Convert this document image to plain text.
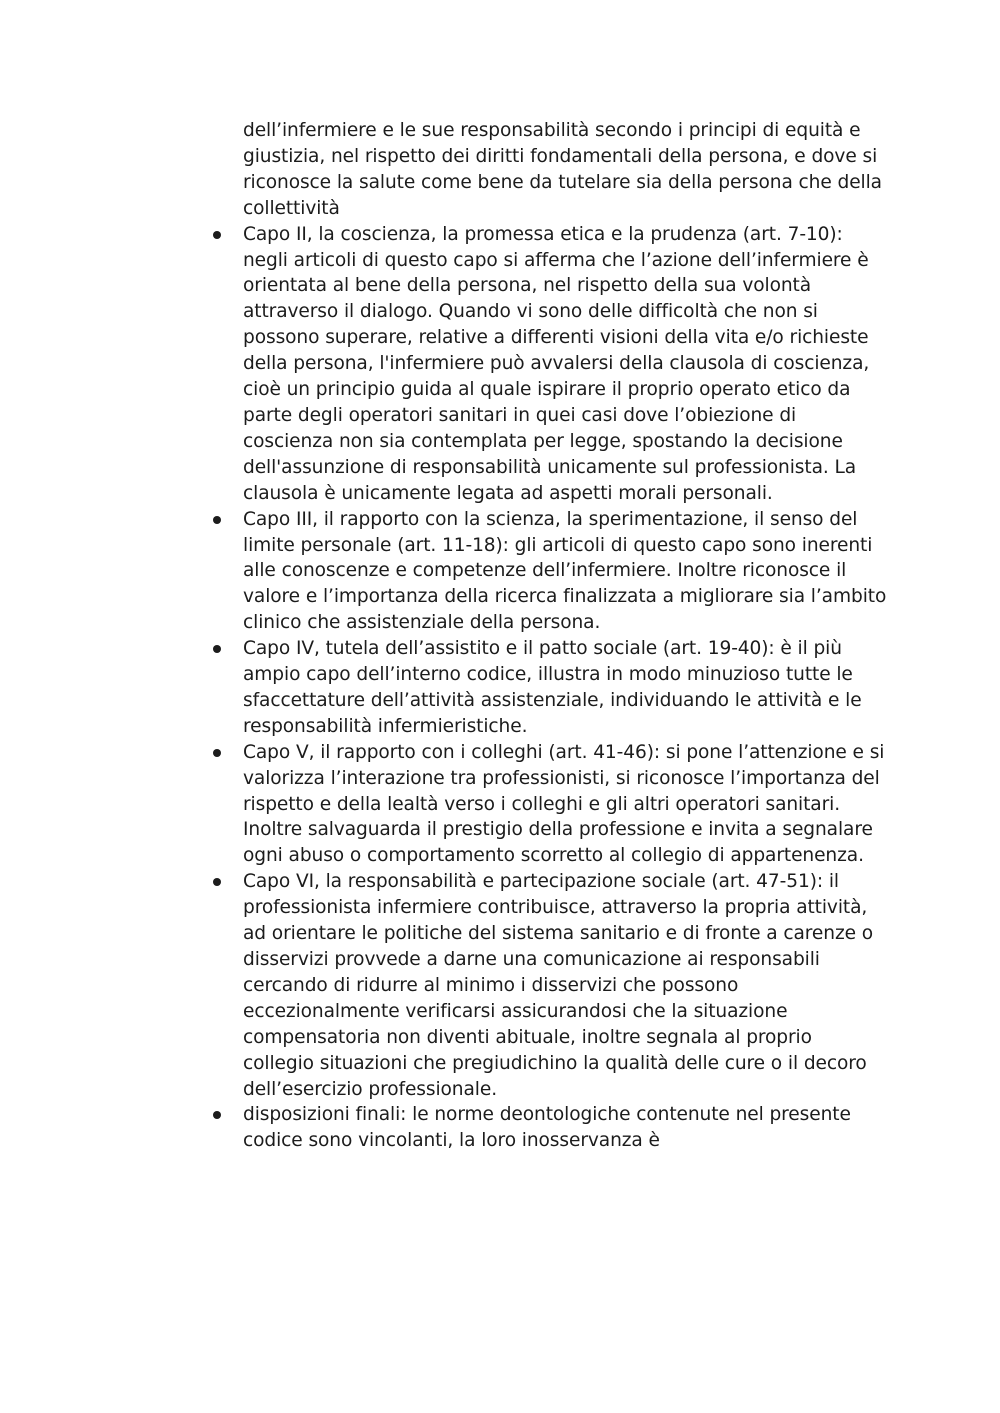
dell’infermiere e le sue responsabilità secondo i principi di equità e giustizia, nel rispetto dei diritti fondamentali della persona, e dove si riconosce la salute come bene da tutelare sia della persona che della collettività

Capo II, la coscienza, la promessa etica e la prudenza (art. 7-10): negli articoli di questo capo si afferma che l’azione dell’infermiere è orientata al bene della persona, nel rispetto della sua volontà attraverso il dialogo. Quando vi sono delle difficoltà che non si possono superare, relative a differenti visioni della vita e/o richieste della persona, l'infermiere può avvalersi della clausola di coscienza, cioè un principio guida al quale ispirare il proprio operato etico da parte degli operatori sanitari in quei casi dove l’obiezione di coscienza non sia contemplata per legge, spostando la decisione dell'assunzione di responsabilità unicamente sul professionista. La clausola è unicamente legata ad aspetti morali personali.
Capo III, il rapporto con la scienza, la sperimentazione, il senso del limite personale (art. 11-18): gli articoli di questo capo sono inerenti alle conoscenze e competenze dell’infermiere. Inoltre riconosce il valore e l’importanza della ricerca finalizzata a migliorare sia l’ambito clinico che assistenziale della persona.
Capo IV, tutela dell’assistito e il patto sociale (art. 19-40): è il più ampio capo dell’interno codice, illustra in modo minuzioso tutte le sfaccettature dell’attività assistenziale, individuando le attività e le responsabilità infermieristiche.
Capo V, il rapporto con i colleghi (art. 41-46): si pone l’attenzione e si valorizza l’interazione tra professionisti, si riconosce l’importanza del rispetto e della lealtà verso i colleghi e gli altri operatori sanitari. Inoltre salvaguarda il prestigio della professione e invita a segnalare ogni abuso o comportamento scorretto al collegio di appartenenza.
Capo VI, la responsabilità e partecipazione sociale (art. 47-51): il professionista infermiere contribuisce, attraverso la propria attività, ad orientare le politiche del sistema sanitario e di fronte a carenze o disservizi provvede a darne una comunicazione ai responsabili cercando di ridurre al minimo i disservizi che possono eccezionalmente verificarsi assicurandosi che la situazione compensatoria non diventi abituale, inoltre segnala al proprio collegio situazioni che pregiudichino la qualità delle cure o il decoro dell’esercizio professionale.
disposizioni finali: le norme deontologiche contenute nel presente codice sono vincolanti, la loro inosservanza è
